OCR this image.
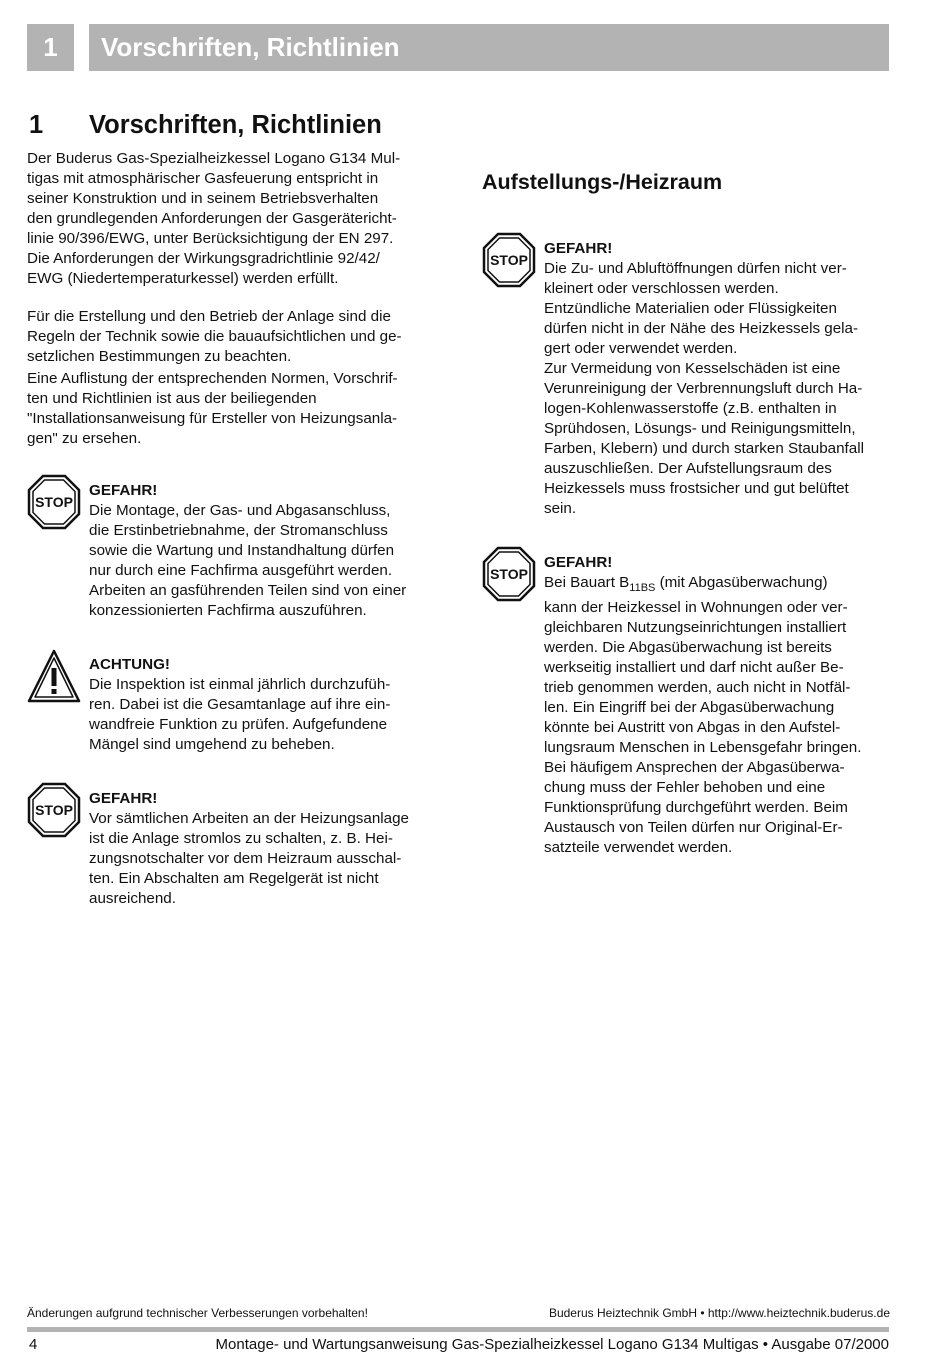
1 Vorschriften, Richtlinien
1 Vorschriften, Richtlinien

Der Buderus Gas-Spezialheizkessel Logano G134 Mul-
tigas mit atmosphärischer Gasfeuerung entspricht in
seiner Konstruktion und in seinem Betriebsverhalten
den grundlegenden Anforderungen der Gasgerätericht-
linie 90/396/EWG, unter Berücksichtigung der EN 297.
Die Anforderungen der Wirkungsgradrichtlinie 92/42/
EWG (Niedertemperaturkessel) werden erfüllt.

Für die Erstellung und den Betrieb der Anlage sind die
Regeln der Technik sowie die bauaufsichtlichen und ge-
setzlichen Bestimmungen zu beachten.

Eine Auflistung der entsprechenden Normen, Vorschrif-
ten und Richtlinien ist aus der beiliegenden
"Installationsanweisung für Ersteller von Heizungsanla-
gen" zu ersehen.

STOP
GEFAHR!

Die Montage, der Gas- und Abgasanschluss,
die Erstinbetriebnahme, der Stromanschluss
sowie die Wartung und Instandhaltung dürfen
nur durch eine Fachfirma ausgeführt werden.
Arbeiten an gasführenden Teilen sind von einer
konzessionierten Fachfirma auszuführen.

ACHTUNG!

Die Inspektion ist einmal jährlich durchzufüh-
ren. Dabei ist die Gesamtanlage auf ihre ein-
wandfreie Funktion zu prüfen. Aufgefundene
Mängel sind umgehend zu beheben.

STOP
GEFAHR!

Vor sämtlichen Arbeiten an der Heizungsanlage
ist die Anlage stromlos zu schalten, z. B. Hei-
zungsnotschalter vor dem Heizraum ausschal-
ten. Ein Abschalten am Regelgerät ist nicht
ausreichend.

Aufstellungs-/Heizraum
STOP
GEFAHR!

Die Zu- und Abluftöffnungen dürfen nicht ver-
kleinert oder verschlossen werden.
Entzündliche Materialien oder Flüssigkeiten
dürfen nicht in der Nähe des Heizkessels gela-
gert oder verwendet werden.
Zur Vermeidung von Kesselschäden ist eine
Verunreinigung der Verbrennungsluft durch Ha-
logen-Kohlenwasserstoffe (z.B. enthalten in
Sprühdosen, Lösungs- und Reinigungsmitteln,
Farben, Klebern) und durch starken Staubanfall
auszuschließen. Der Aufstellungsraum des
Heizkessels muss frostsicher und gut belüftet
sein.

STOP
GEFAHR!

Bei Bauart $B_{11BS}$ (mit Abgasüberwachung)
kann der Heizkessel in Wohnungen oder ver-
gleichbaren Nutzungseinrichtungen installiert
werden. Die Abgasüberwachung ist bereits
werkseitig installiert und darf nicht außer Be-
trieb genommen werden, auch nicht in Notfäl-
len. Ein Eingriff bei der Abgasüberwachung
könnte bei Austritt von Abgas in den Aufstel-
lungsraum Menschen in Lebensgefahr bringen.
Bei häufigem Ansprechen der Abgasüberwa-
chung muss der Fehler behoben und eine
Funktionsprüfung durchgeführt werden. Beim
Austausch von Teilen dürfen nur Original-Er-
satzteile verwendet werden.

Änderungen aufgrund technischer Verbesserungen vorbehalten!	Buderus Heiztechnik GmbH • http://www.heiztechnik.buderus.de
4	Montage- und Wartungsanweisung Gas-Spezialheizkessel Logano G134 Multigas • Ausgabe 07/2000
